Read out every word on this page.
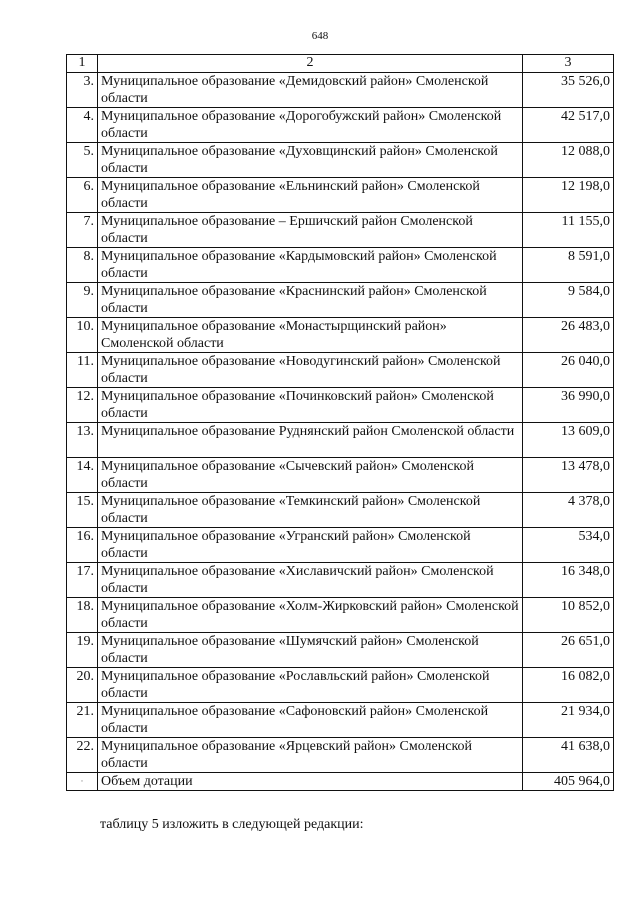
648
1	2	3
3.	Муниципальное образование «Демидовский район» Смоленской области	35 526,0
4.	Муниципальное образование «Дорогобужский район» Смоленской области	42 517,0
5.	Муниципальное образование «Духовщинский район» Смоленской области	12 088,0
6.	Муниципальное образование «Ельнинский район» Смоленской области	12 198,0
7.	Муниципальное образование – Ершичский район Смоленской области	11 155,0
8.	Муниципальное образование «Кардымовский район» Смоленской области	8 591,0
9.	Муниципальное образование «Краснинский район» Смоленской области	9 584,0
10.	Муниципальное образование «Монастырщинский район» Смоленской области	26 483,0
11.	Муниципальное образование «Новодугинский район» Смоленской области	26 040,0
12.	Муниципальное образование «Починковский район» Смоленской области	36 990,0
13.	Муниципальное образование Руднянский район Смоленской области	13 609,0
14.	Муниципальное образование «Сычевский район» Смоленской области	13 478,0
15.	Муниципальное образование «Темкинский район» Смоленской области	4 378,0
16.	Муниципальное образование «Угранский район» Смоленской области	534,0
17.	Муниципальное образование «Хиславичский район» Смоленской области	16 348,0
18.	Муниципальное образование «Холм-Жирковский район» Смоленской области	10 852,0
19.	Муниципальное образование «Шумячский район» Смоленской области	26 651,0
20.	Муниципальное образование «Рославльский район» Смоленской области	16 082,0
21.	Муниципальное образование «Сафоновский район» Смоленской области	21 934,0
22.	Муниципальное образование «Ярцевский район» Смоленской области	41 638,0
·	Объем дотации	405 964,0
таблицу 5 изложить в следующей редакции:
